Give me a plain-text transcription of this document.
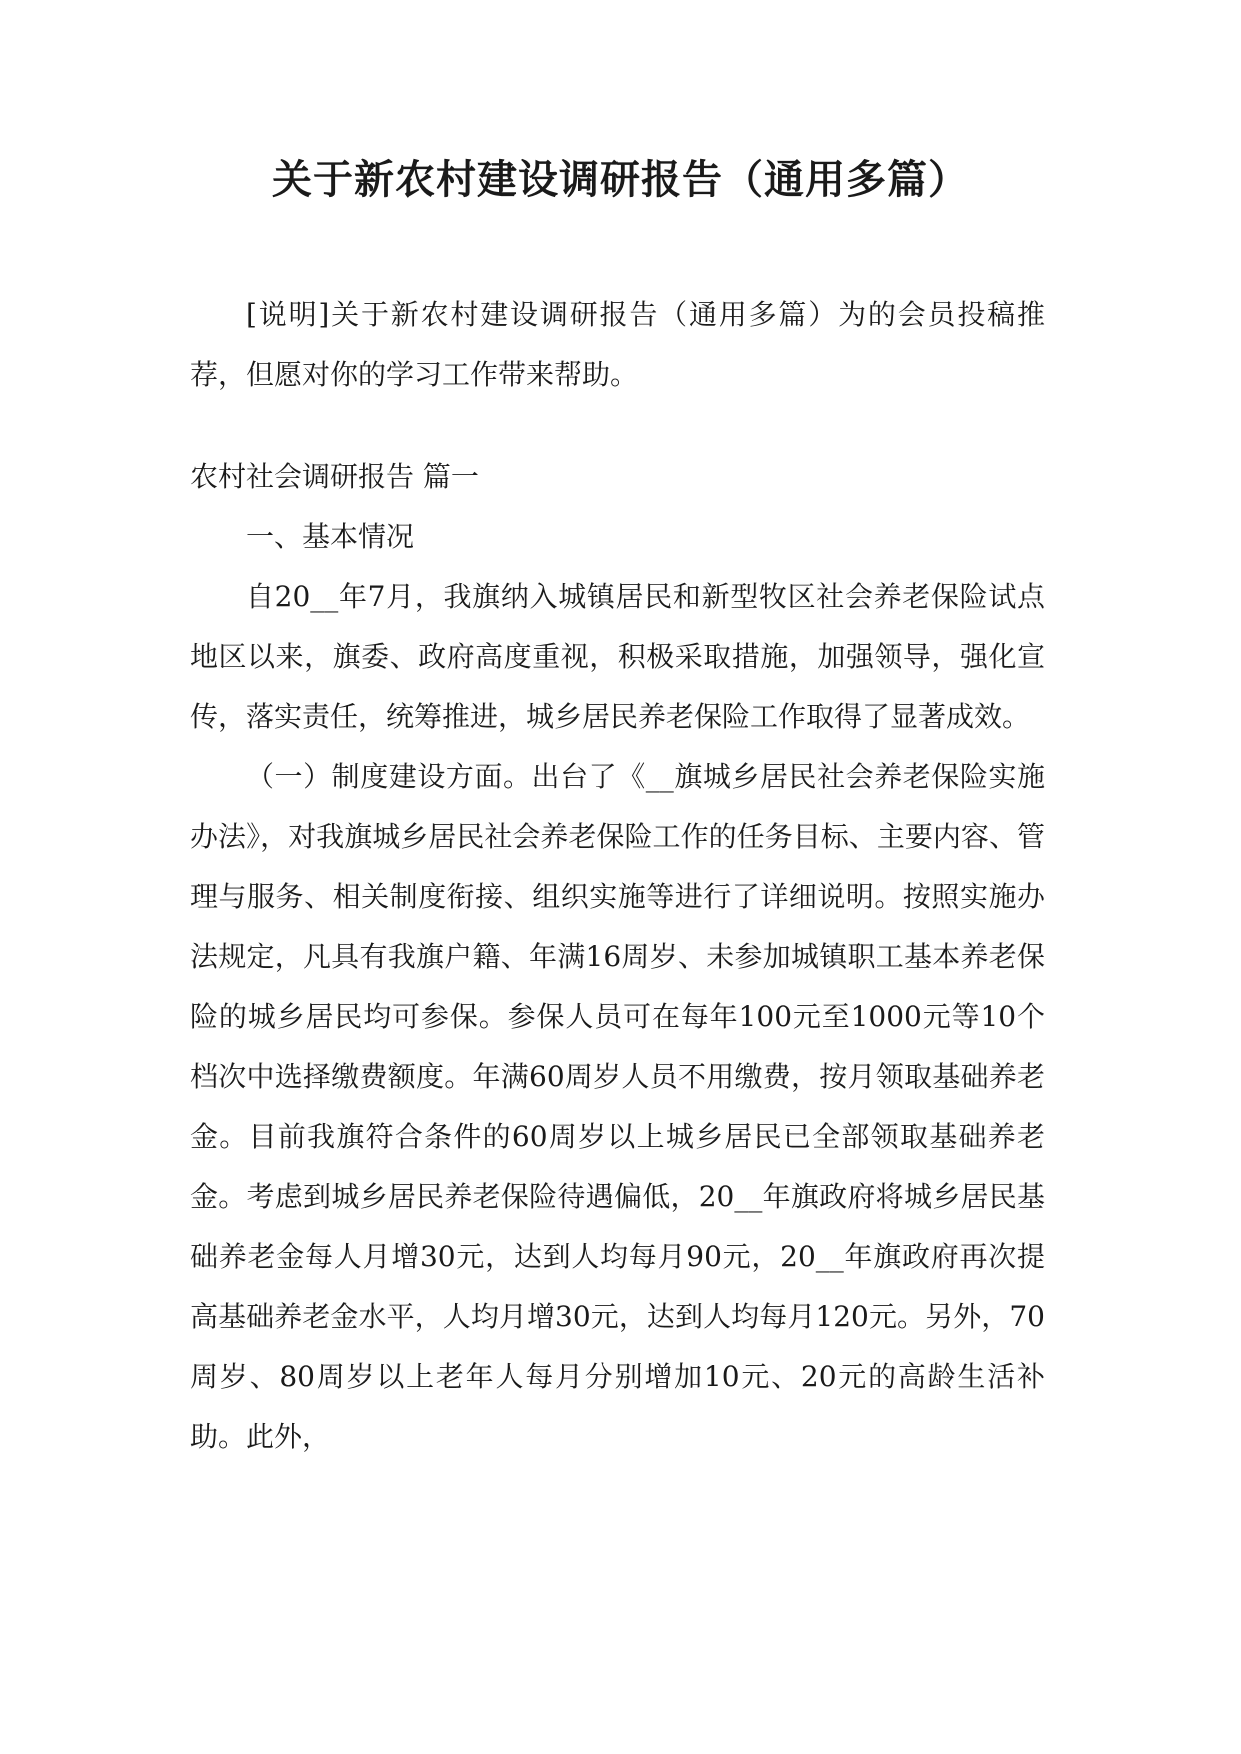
关于新农村建设调研报告（通用多篇）

[说明]关于新农村建设调研报告（通用多篇）为的会员投稿推荐，但愿对你的学习工作带来帮助。

农村社会调研报告 篇一

一、基本情况

自20__年7月，我旗纳入城镇居民和新型牧区社会养老保险试点地区以来，旗委、政府高度重视，积极采取措施，加强领导，强化宣传，落实责任，统筹推进，城乡居民养老保险工作取得了显著成效。

（一）制度建设方面。出台了《__旗城乡居民社会养老保险实施办法》，对我旗城乡居民社会养老保险工作的任务目标、主要内容、管理与服务、相关制度衔接、组织实施等进行了详细说明。按照实施办法规定，凡具有我旗户籍、年满16周岁、未参加城镇职工基本养老保险的城乡居民均可参保。参保人员可在每年100元至1000元等10个档次中选择缴费额度。年满60周岁人员不用缴费，按月领取基础养老金。目前我旗符合条件的60周岁以上城乡居民已全部领取基础养老金。考虑到城乡居民养老保险待遇偏低，20__年旗政府将城乡居民基础养老金每人月增30元，达到人均每月90元，20__年旗政府再次提高基础养老金水平，人均月增30元，达到人均每月120元。另外，70周岁、80周岁以上老年人每月分别增加10元、20元的高龄生活补助。此外，
